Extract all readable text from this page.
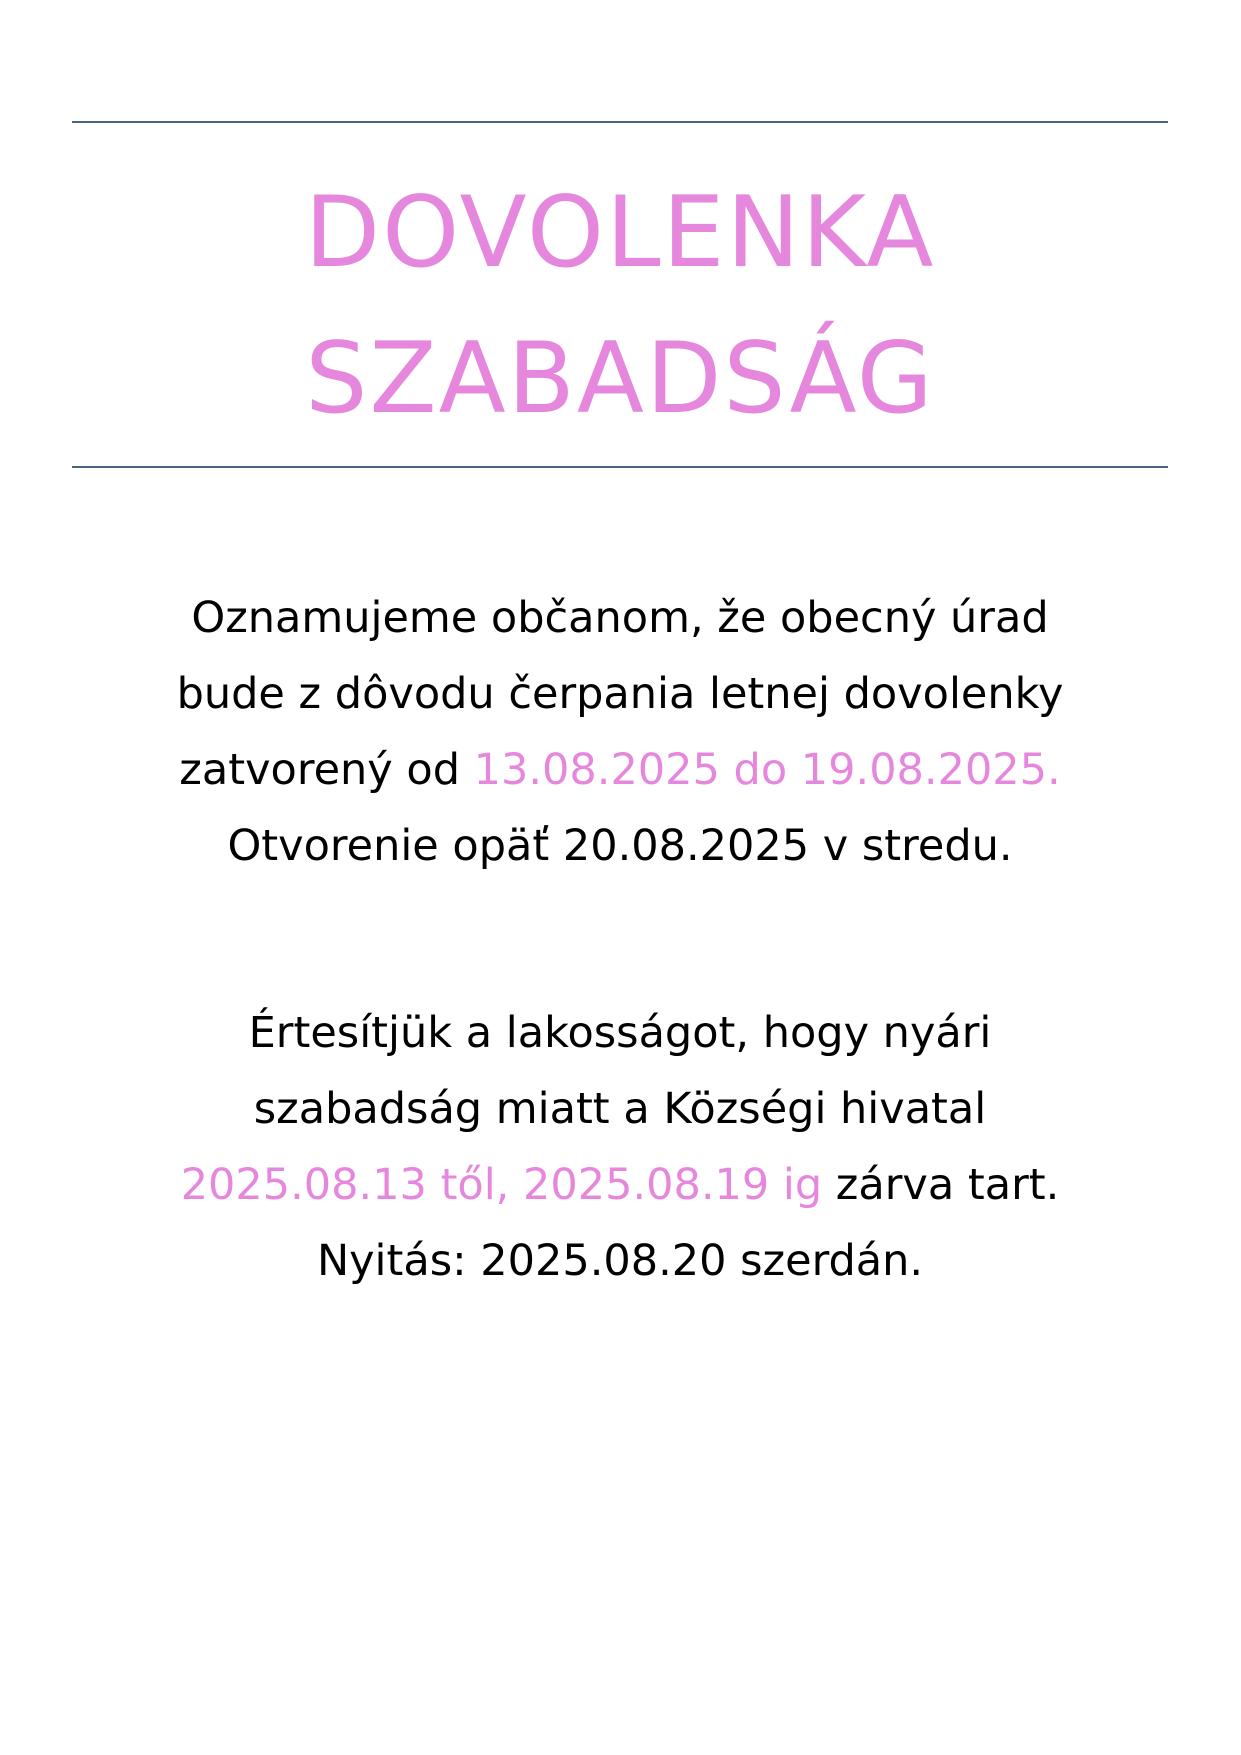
DOVOLENKA
SZABADSÁG
Oznamujeme občanom, že obecný úrad
bude z dôvodu čerpania letnej dovolenky
zatvorený od 13.08.2025 do 19.08.2025.
Otvorenie opäť 20.08.2025 v stredu.
Értesítjük a lakosságot, hogy nyári
szabadság miatt a Községi hivatal
2025.08.13 től, 2025.08.19 ig zárva tart.
Nyitás: 2025.08.20 szerdán.
